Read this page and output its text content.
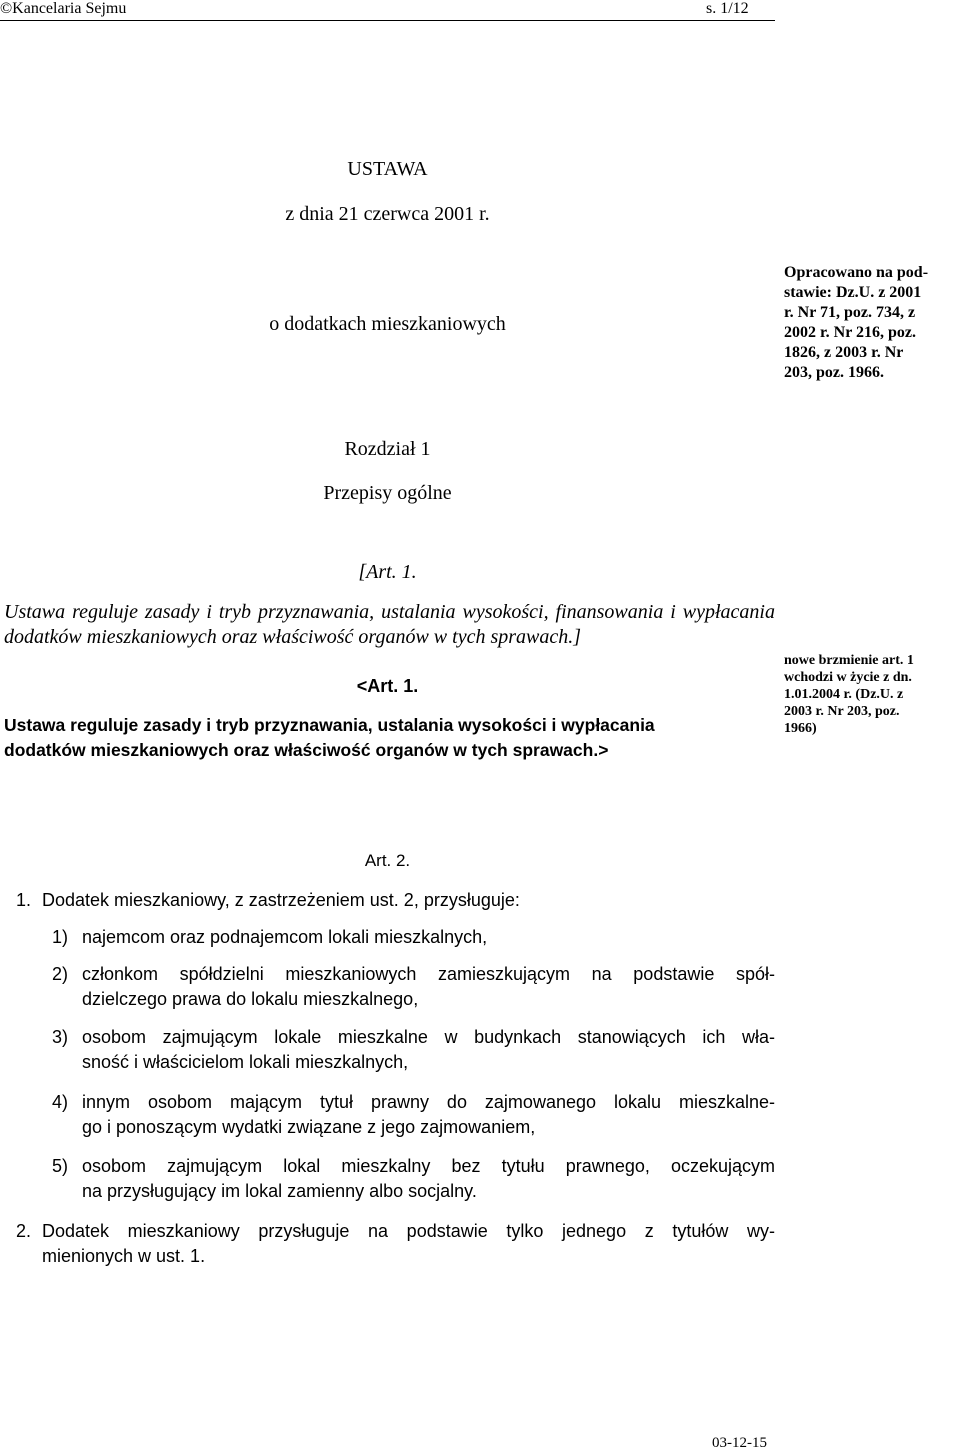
©Kancelaria Sejmu	s. 1/12
USTAWA
z dnia 21 czerwca 2001 r.
o dodatkach mieszkaniowych
Opracowano na pod-
stawie: Dz.U. z 2001
r. Nr 71, poz. 734, z
2002 r. Nr 216, poz.
1826, z 2003 r. Nr
203, poz. 1966.
Rozdział 1
Przepisy ogólne
[Art. 1.
Ustawa reguluje zasady i tryb przyznawania, ustalania wysokości, finansowania i wypłacania dodatków mieszkaniowych oraz właściwość organów w tych sprawach.]
nowe brzmienie art. 1
wchodzi w życie z dn.
1.01.2004 r. (Dz.U. z
2003 r. Nr 203, poz.
1966)
<Art. 1.
Ustawa reguluje zasady i tryb przyznawania, ustalania wysokości i wypłacania
dodatków mieszkaniowych oraz właściwość organów w tych sprawach.>
Art. 2.
1. Dodatek mieszkaniowy, z zastrzeżeniem ust. 2, przysługuje:
1) najemcom oraz podnajemcom lokali mieszkalnych,
2) członkom spółdzielni mieszkaniowych zamieszkującym na podstawie spół-
dzielczego prawa do lokalu mieszkalnego,
3) osobom zajmującym lokale mieszkalne w budynkach stanowiących ich wła-
sność i właścicielom lokali mieszkalnych,
4) innym osobom mającym tytuł prawny do zajmowanego lokalu mieszkalne-
go i ponoszącym wydatki związane z jego zajmowaniem,
5) osobom zajmującym lokal mieszkalny bez tytułu prawnego, oczekującym
na przysługujący im lokal zamienny albo socjalny.
2. Dodatek mieszkaniowy przysługuje na podstawie tylko jednego z tytułów wy-
mienionych w ust. 1.
03-12-15
